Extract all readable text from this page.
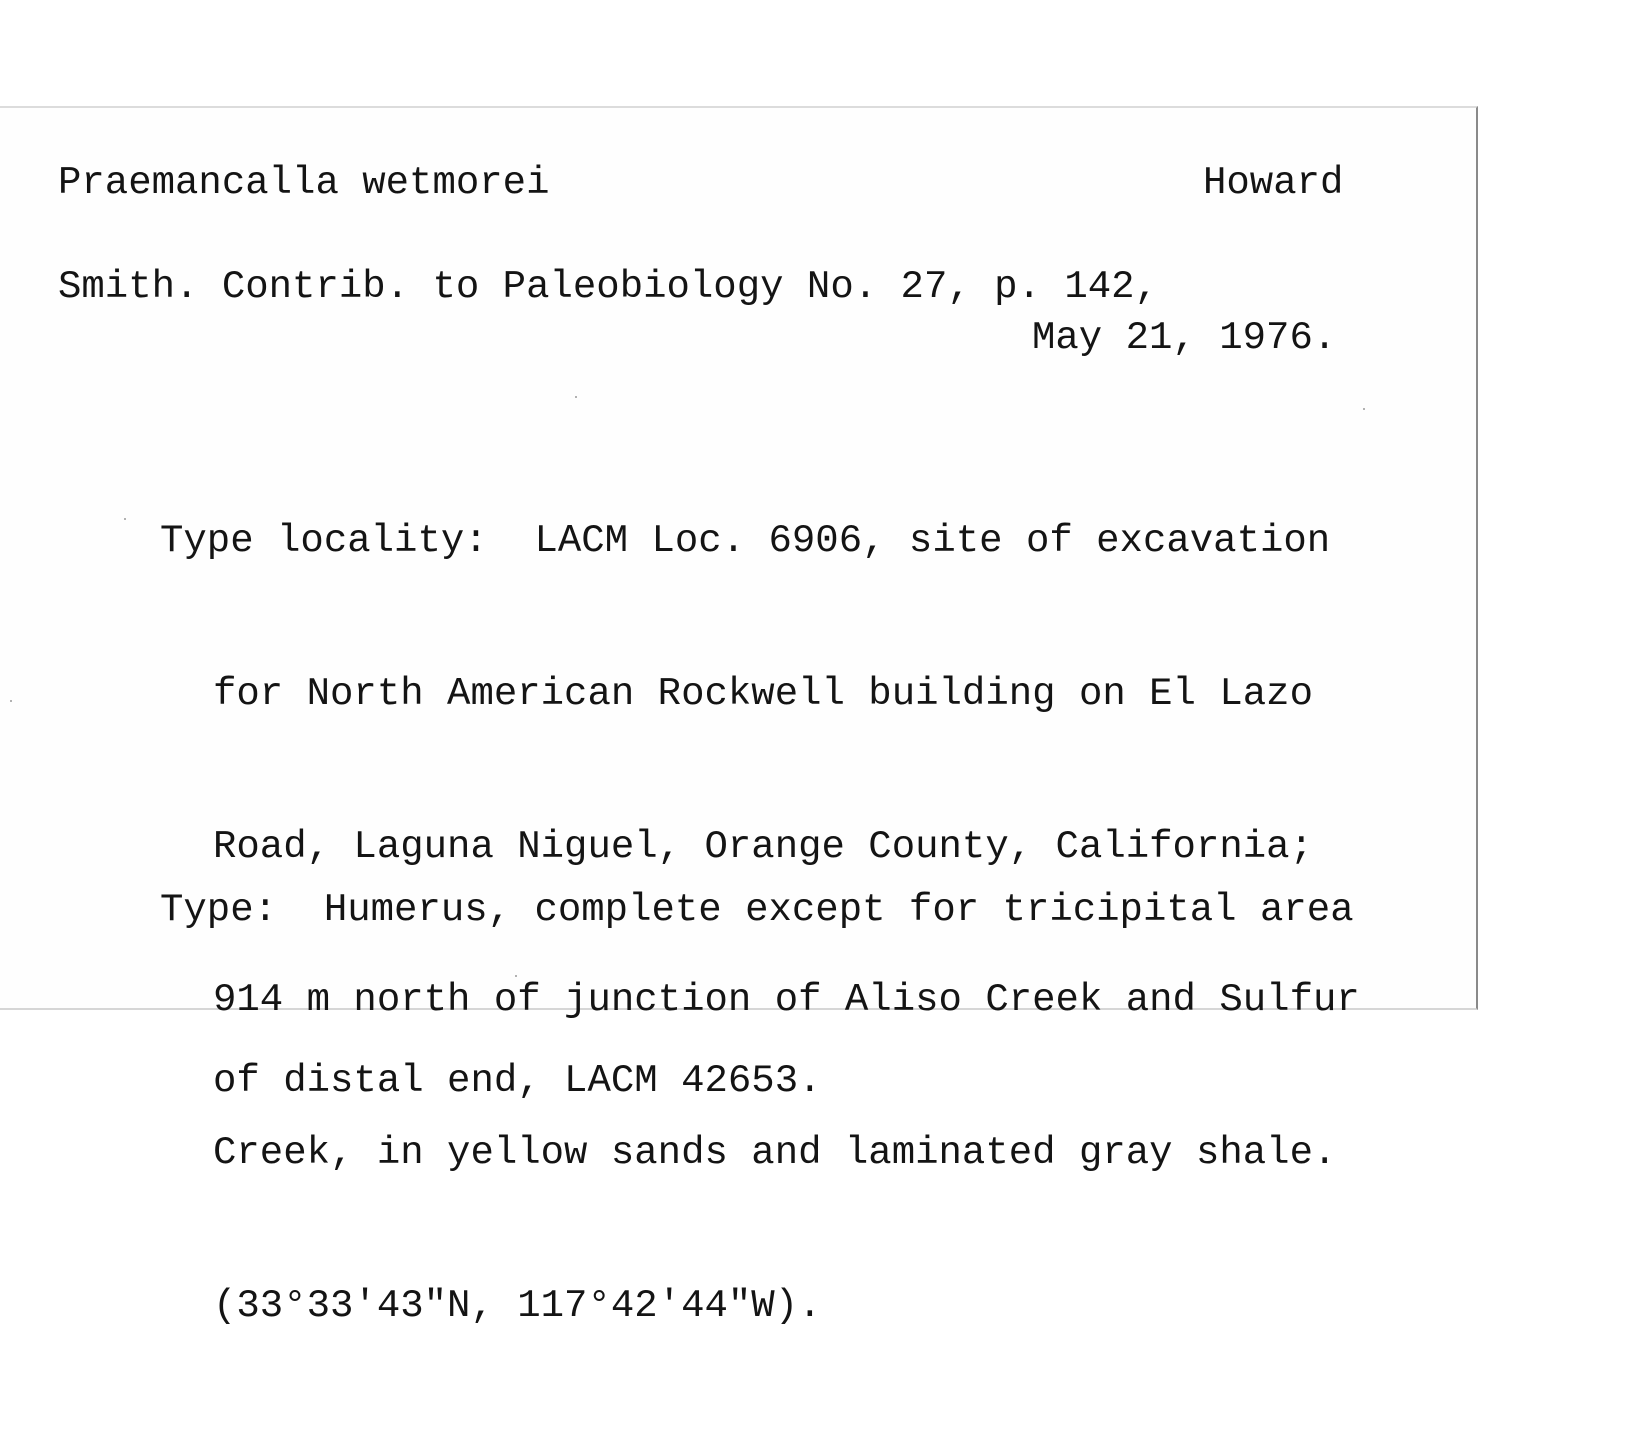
Praemancalla wetmorei	Howard
Smith. Contrib. to Paleobiology No. 27, p. 142,
May 21, 1976.

Type locality:  LACM Loc. 6906, site of excavation

for North American Rockwell building on El Lazo

Road, Laguna Niguel, Orange County, California;

914 m north of junction of Aliso Creek and Sulfur

Creek, in yellow sands and laminated gray shale.

(33°33'43"N, 117°42'44"W).

Type:  Humerus, complete except for tricipital area

of distal end, LACM 42653.
